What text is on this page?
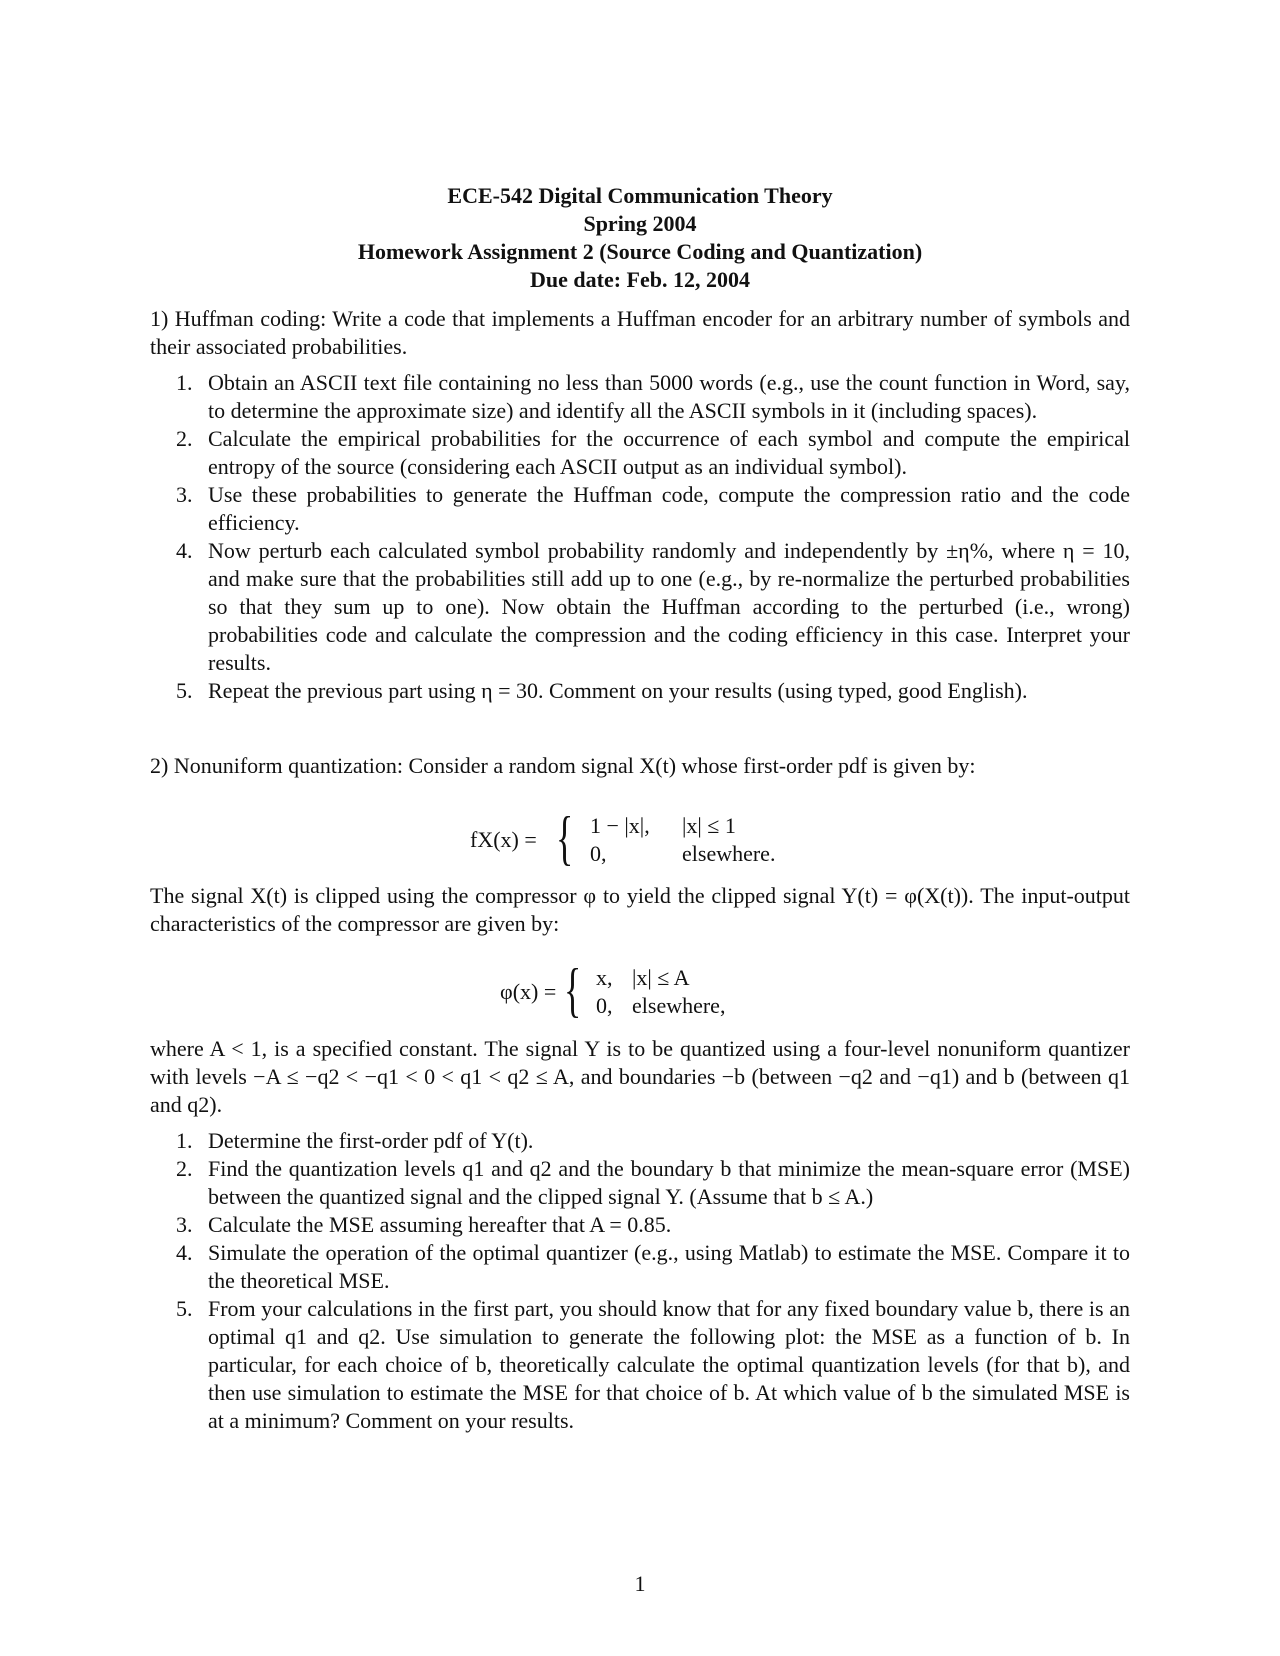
ECE-542 Digital Communication Theory
Spring 2004
Homework Assignment 2 (Source Coding and Quantization)
Due date: Feb. 12, 2004

1) Huffman coding: Write a code that implements a Huffman encoder for an arbitrary number of symbols and their associated probabilities.

1. Obtain an ASCII text file containing no less than 5000 words (e.g., use the count function in Word, say, to determine the approximate size) and identify all the ASCII symbols in it (including spaces).
2. Calculate the empirical probabilities for the occurrence of each symbol and compute the empirical entropy of the source (considering each ASCII output as an individual symbol).
3. Use these probabilities to generate the Huffman code, compute the compression ratio and the code efficiency.
4. Now perturb each calculated symbol probability randomly and independently by ±η%, where η = 10, and make sure that the probabilities still add up to one (e.g., by re-normalize the perturbed probabilities so that they sum up to one). Now obtain the Huffman according to the perturbed (i.e., wrong) probabilities code and calculate the compression and the coding efficiency in this case. Interpret your results.
5. Repeat the previous part using η = 30. Comment on your results (using typed, good English).

2) Nonuniform quantization: Consider a random signal X(t) whose first-order pdf is given by:

fX(x) = { 1 − |x|, |x| ≤ 1
0,	elsewhere.

The signal X(t) is clipped using the compressor φ to yield the clipped signal Y(t) = φ(X(t)). The input-output characteristics of the compressor are given by:

φ(x) = { x, |x| ≤ A
0, elsewhere,

where A < 1, is a specified constant. The signal Y is to be quantized using a four-level nonuniform quantizer with levels −A ≤ −q2 < −q1 < 0 < q1 < q2 ≤ A, and boundaries −b (between −q2 and −q1) and b (between q1 and q2).

1. Determine the first-order pdf of Y(t).
2. Find the quantization levels q1 and q2 and the boundary b that minimize the mean-square error (MSE) between the quantized signal and the clipped signal Y. (Assume that b ≤ A.)
3. Calculate the MSE assuming hereafter that A = 0.85.
4. Simulate the operation of the optimal quantizer (e.g., using Matlab) to estimate the MSE. Compare it to the theoretical MSE.
5. From your calculations in the first part, you should know that for any fixed boundary value b, there is an optimal q1 and q2. Use simulation to generate the following plot: the MSE as a function of b. In particular, for each choice of b, theoretically calculate the optimal quantization levels (for that b), and then use simulation to estimate the MSE for that choice of b. At which value of b the simulated MSE is at a minimum? Comment on your results.
1
